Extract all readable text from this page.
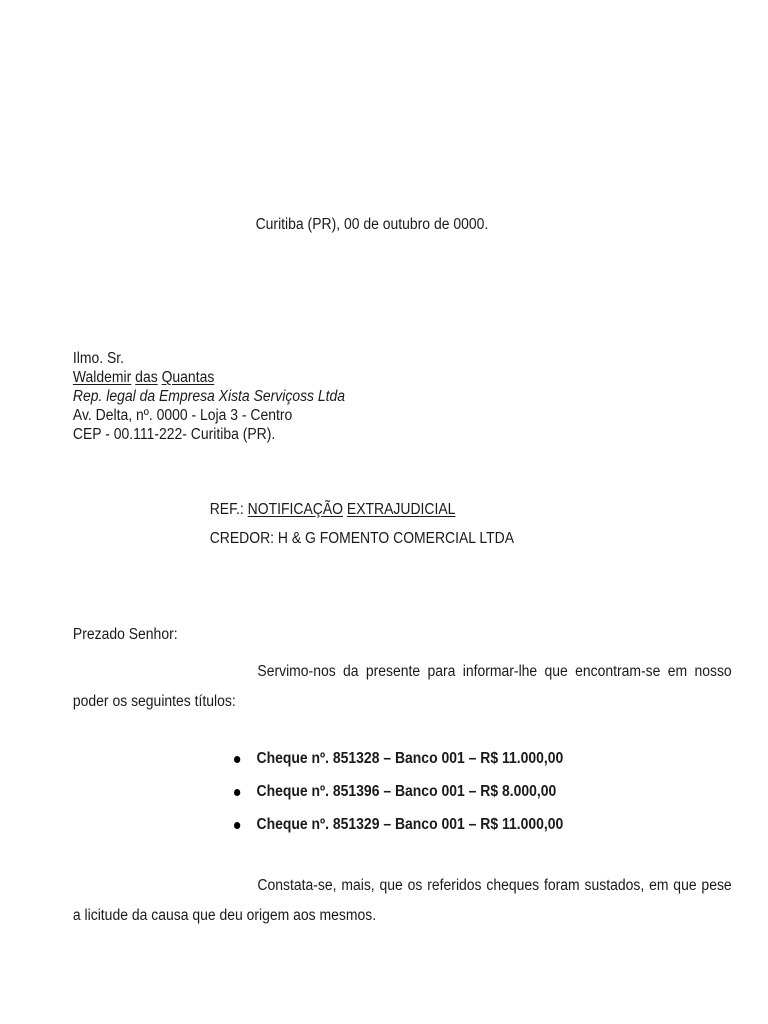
Curitiba (PR), 00 de outubro de 0000.
Ilmo. Sr.
Waldemir das Quantas
Rep. legal da Empresa Xista Serviçoss Ltda
Av. Delta, nº. 0000 - Loja 3 - Centro
CEP - 00.111-222- Curitiba (PR).
REF.: NOTIFICAÇÃO EXTRAJUDICIAL
CREDOR: H & G FOMENTO COMERCIAL LTDA
Prezado Senhor:
Servimo-nos da presente para informar-lhe que encontram-se em nosso poder os seguintes títulos:
Cheque nº. 851328 – Banco 001 – R$ 11.000,00
Cheque nº. 851396 – Banco 001 – R$ 8.000,00
Cheque nº. 851329 – Banco 001 – R$ 11.000,00
Constata-se, mais, que os referidos cheques foram sustados, em que pese a licitude da causa que deu origem aos mesmos.
